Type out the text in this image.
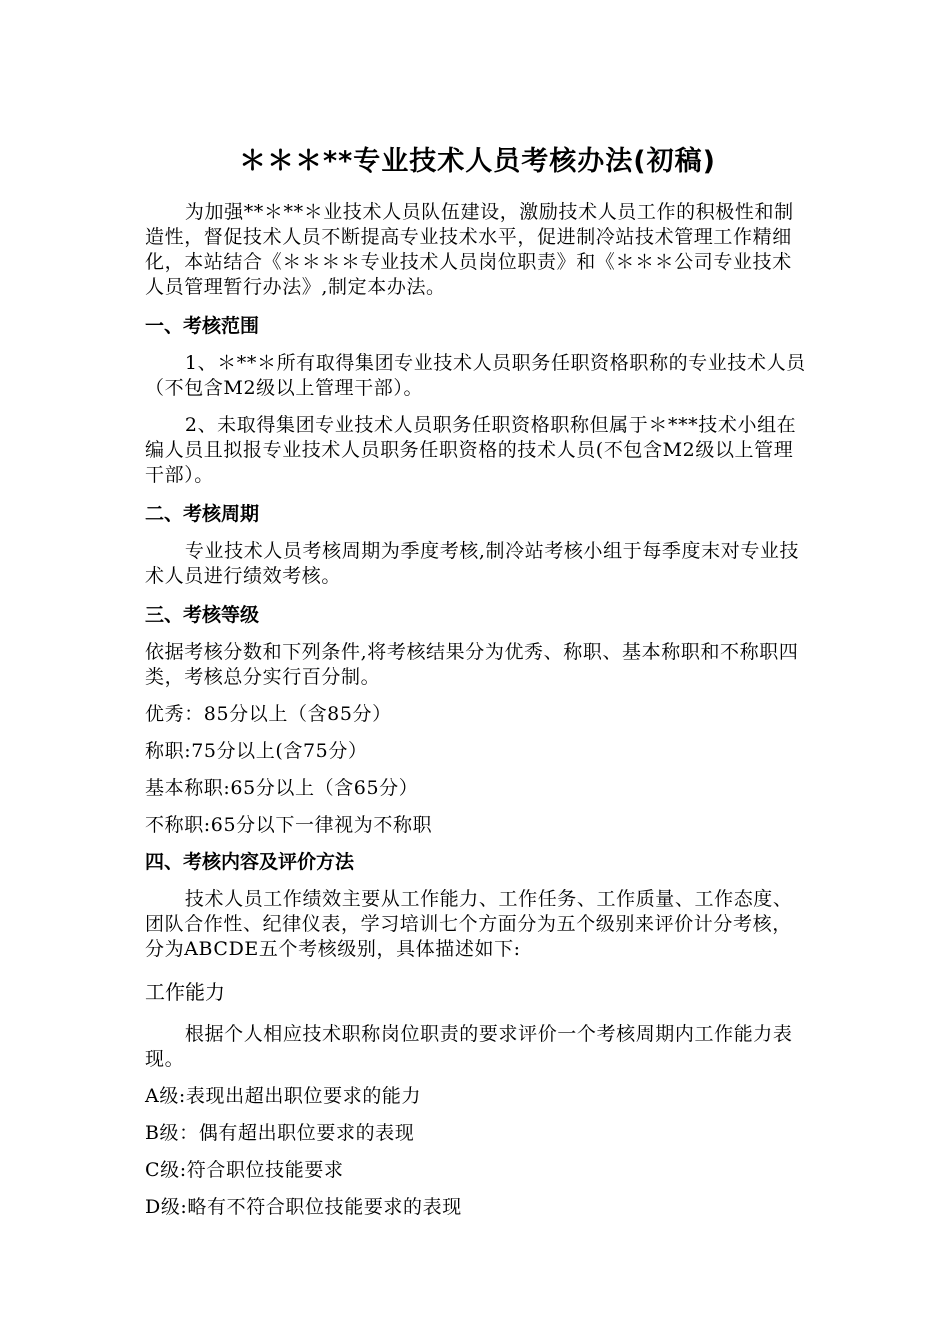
＊＊＊**专业技术人员考核办法(初稿)

为加强**＊**＊业技术人员队伍建设，激励技术人员工作的积极性和制造性，督促技术人员不断提高专业技术水平，促进制冷站技术管理工作精细化，本站结合《＊＊＊＊专业技术人员岗位职责》和《＊＊＊公司专业技术人员管理暂行办法》,制定本办法。

一、考核范围

1、＊**＊所有取得集团专业技术人员职务任职资格职称的专业技术人员（不包含M2级以上管理干部）。

2、未取得集团专业技术人员职务任职资格职称但属于＊***技术小组在编人员且拟报专业技术人员职务任职资格的技术人员(不包含M2级以上管理干部）。

二、考核周期

专业技术人员考核周期为季度考核,制冷站考核小组于每季度末对专业技术人员进行绩效考核。

三、考核等级

依据考核分数和下列条件,将考核结果分为优秀、称职、基本称职和不称职四类，考核总分实行百分制。

优秀：85分以上（含85分）

称职:75分以上(含75分）

基本称职:65分以上（含65分）

不称职:65分以下一律视为不称职

四、考核内容及评价方法

技术人员工作绩效主要从工作能力、工作任务、工作质量、工作态度、团队合作性、纪律仪表，学习培训七个方面分为五个级别来评价计分考核，分为ABCDE五个考核级别，具体描述如下:

工作能力

根据个人相应技术职称岗位职责的要求评价一个考核周期内工作能力表现。

A级:表现出超出职位要求的能力

B级：偶有超出职位要求的表现

C级:符合职位技能要求

D级:略有不符合职位技能要求的表现
